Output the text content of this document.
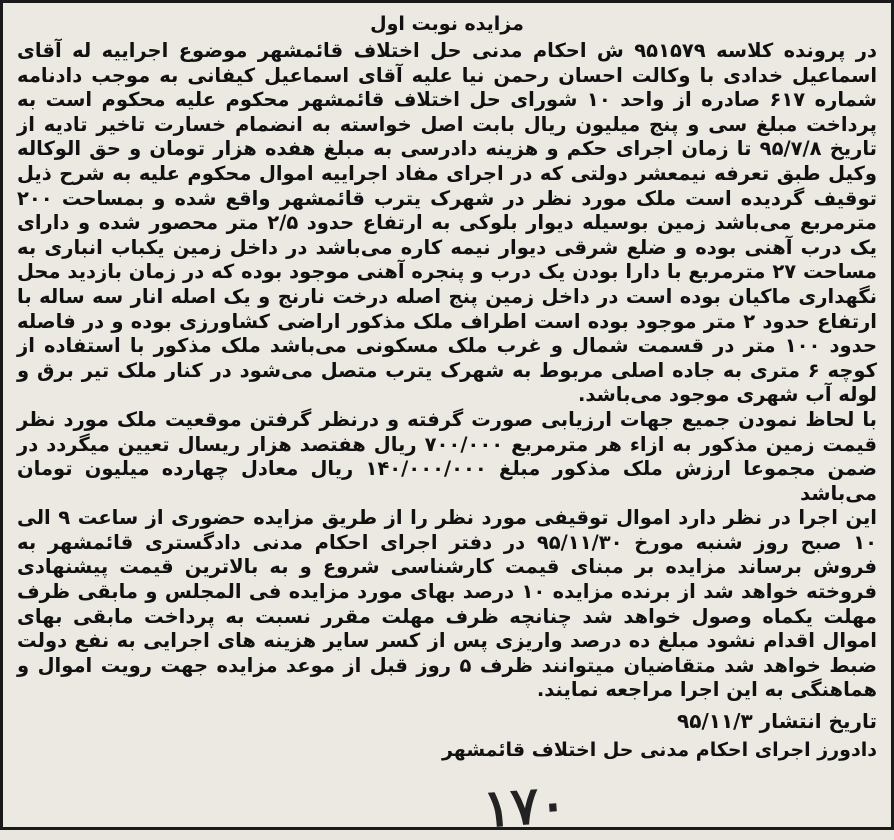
مزایده نوبت اول

در پرونده کلاسه ۹۵۱۵۷۹ ش احکام مدنی حل اختلاف قائمشهر موضوع اجراییه له آقای اسماعیل خدادی با وکالت احسان رحمن نیا علیه آقای اسماعیل کیفانی به موجب دادنامه شماره ۶۱۷ صادره از واحد ۱۰ شورای حل اختلاف قائمشهر محکوم علیه محکوم است به پرداخت مبلغ سی و پنج میلیون ریال بابت اصل خواسته به انضمام خسارت تاخیر تادیه از تاریخ ۹۵/۷/۸ تا زمان اجرای حکم و هزینه دادرسی به مبلغ هفده هزار تومان و حق الوکاله وکیل طبق تعرفه نیمعشر دولتی که در اجرای مفاد اجراییه اموال محکوم علیه به شرح ذیل توقیف گردیده است ملک مورد نظر در شهرک یترب قائمشهر واقع شده و بمساحت ۲۰۰ مترمربع می‌باشد زمین بوسیله دیوار بلوکی به ارتفاع حدود ۲/۵ متر محصور شده و دارای یک درب آهنی بوده و ضلع شرقی دیوار نیمه کاره می‌باشد در داخل زمین یکباب انباری به مساحت ۲۷ مترمربع با دارا بودن یک درب و پنجره آهنی موجود بوده که در زمان بازدید محل نگهداری ماکیان بوده است در داخل زمین پنج اصله درخت نارنج و یک اصله انار سه ساله با ارتفاع حدود ۲ متر موجود بوده است اطراف ملک مذکور اراضی کشاورزی بوده و در فاصله حدود ۱۰۰ متر در قسمت شمال و غرب ملک مسکونی می‌باشد ملک مذکور با استفاده از کوچه ۶ متری به جاده اصلی مربوط به شهرک یترب متصل می‌شود در کنار ملک تیر برق و لوله آب شهری موجود می‌باشد.

با لحاظ نمودن جمیع جهات ارزیابی صورت گرفته و درنظر گرفتن موقعیت ملک مورد نظر قیمت زمین مذکور به ازاء هر مترمربع ۷۰۰/۰۰۰ ریال هفتصد هزار ریسال تعیین میگردد در ضمن مجموعا ارزش ملک مذکور مبلغ ۱۴۰/۰۰۰/۰۰۰ ریال معادل چهارده میلیون تومان می‌باشد

این اجرا در نظر دارد اموال توقیفی مورد نظر را از طریق مزایده حضوری از ساعت ۹ الی ۱۰ صبح روز شنبه مورخ ۹۵/۱۱/۳۰ در دفتر اجرای احکام مدنی دادگستری قائمشهر به فروش برساند مزایده بر مبنای قیمت کارشناسی شروع و به بالاترین قیمت پیشنهادی فروخته خواهد شد از برنده مزایده ۱۰ درصد بهای مورد مزایده فی المجلس و مابقی ظرف مهلت یکماه وصول خواهد شد چنانچه ظرف مهلت مقرر نسبت به پرداخت مابقی بهای اموال اقدام نشود مبلغ ده درصد واریزی پس از کسر سایر هزینه های اجرایی به نفع دولت ضبط خواهد شد متقاضیان میتوانند ظرف ۵ روز قبل از موعد مزایده جهت رویت اموال و هماهنگی به این اجرا مراجعه نمایند.

تاریخ انتشار ۹۵/۱۱/۳
دادورز اجرای احکام مدنی حل اختلاف قائمشهر
۱۷۰
